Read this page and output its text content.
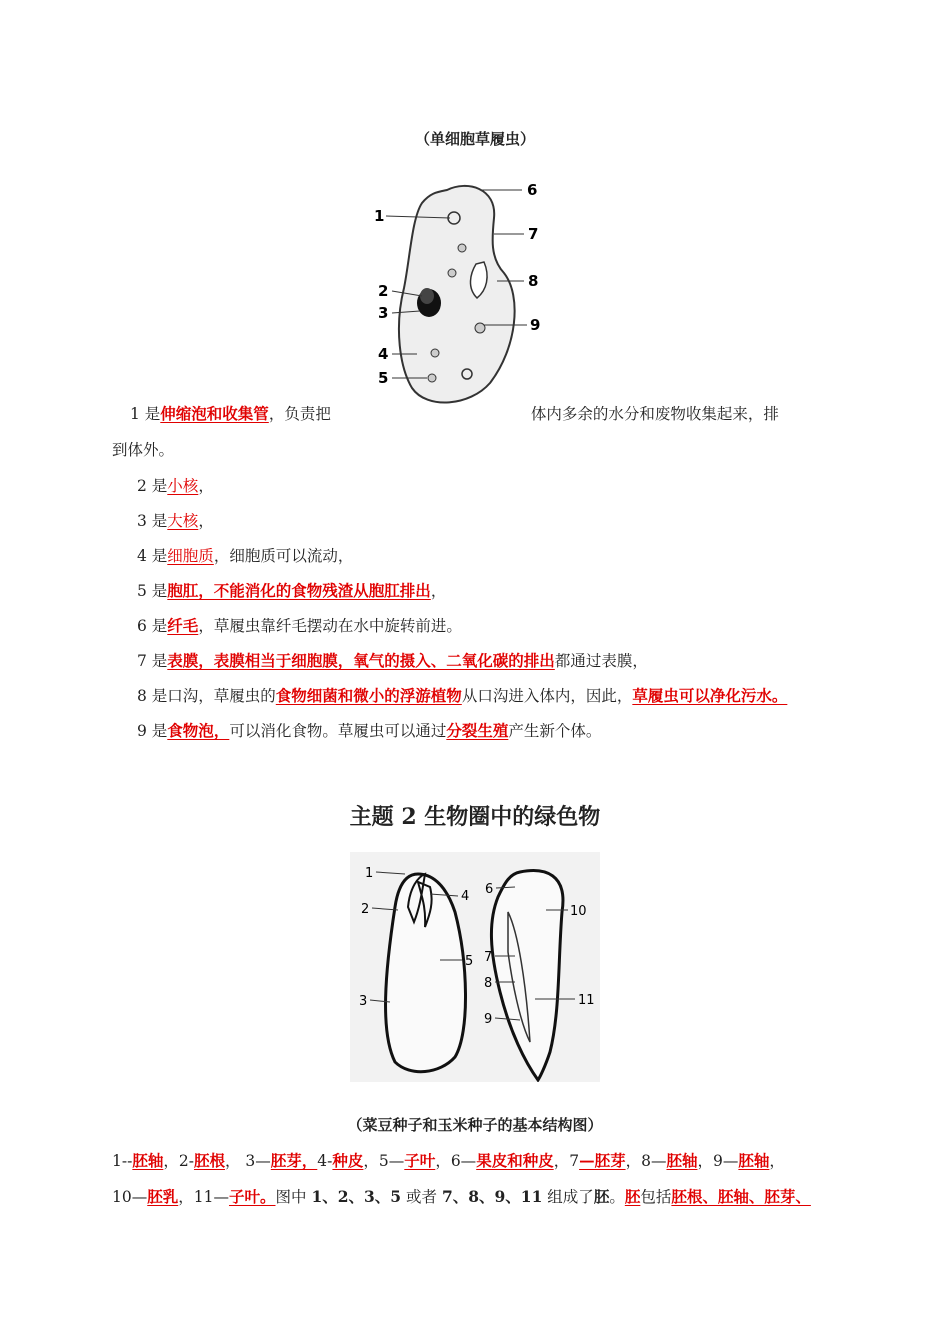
（单细胞草履虫）
1
2
3
4
5
6
7
8
9
1 是伸缩泡和收集管，负责把	体内多余的水分和废物收集起来，排
到体外。
2 是小核，
3 是大核，
4 是细胞质，细胞质可以流动，
5 是胞肛，不能消化的食物残渣从胞肛排出，
6 是纤毛，草履虫靠纤毛摆动在水中旋转前进。
7 是表膜，表膜相当于细胞膜，氧气的摄入、二氧化碳的排出都通过表膜，
8 是口沟，草履虫的食物细菌和微小的浮游植物从口沟进入体内，因此，草履虫可以净化污水。
9 是食物泡，可以消化食物。草履虫可以通过分裂生殖产生新个体。
主题 2 生物圈中的绿色物
1
2
3
4
5
6
7
8
9
10
11
（菜豆种子和玉米种子的基本结构图）
1--胚轴，2-胚根， 3—胚芽，4-种皮，5—子叶，6—果皮和种皮，7—胚芽，8—胚轴，9—胚轴，
10—胚乳，11—子叶。图中 1、2、3、5 或者 7、8、9、11 组成了胚。胚包括胚根、胚轴、胚芽、
